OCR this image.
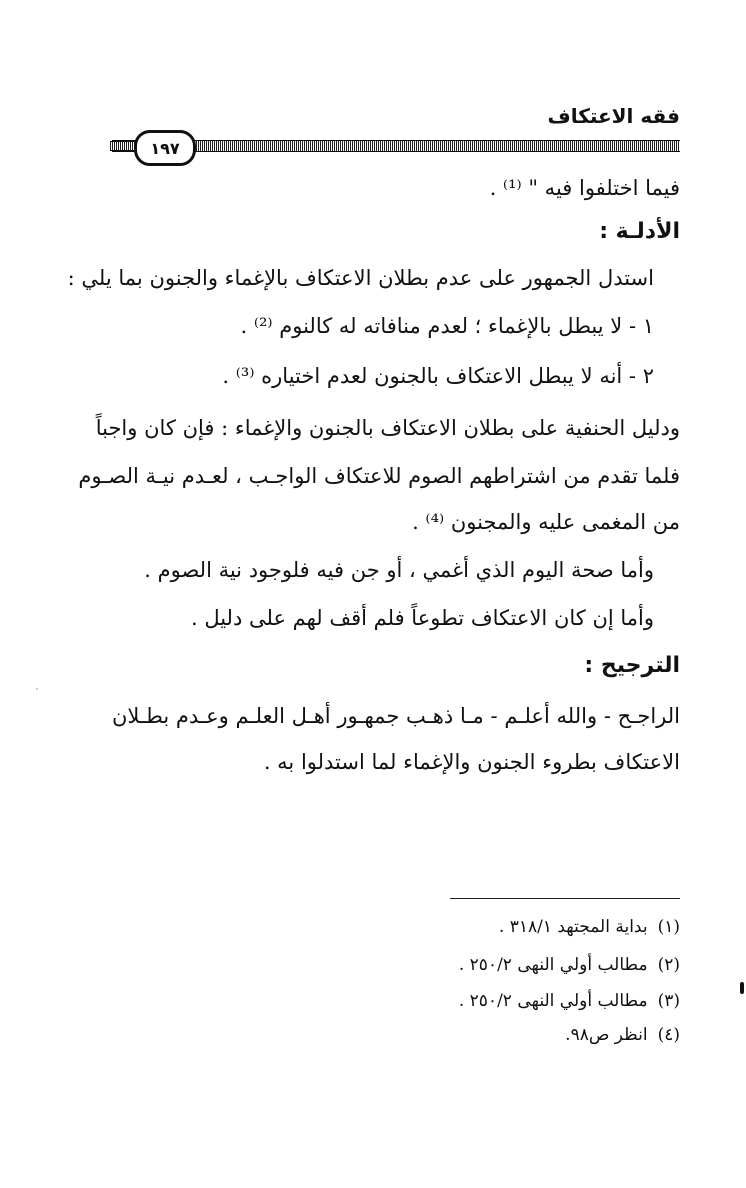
فقه الاعتكاف
١٩٧
فيما اختلفوا فيه " ⁽¹⁾ .
الأدلـة :
استدل الجمهور على عدم بطلان الاعتكاف بالإغماء والجنون بما يلي :
١ - لا يبطل بالإغماء ؛ لعدم منافاته له كالنوم ⁽²⁾ .
٢ - أنه لا يبطل الاعتكاف بالجنون لعدم اختياره ⁽³⁾ .
ودليل الحنفية على بطلان الاعتكاف بالجنون والإغماء : فإن كان واجباً
فلما تقدم من اشتراطهم الصوم للاعتكاف الواجـب ، لعـدم نيـة الصـوم
من المغمى عليه والمجنون ⁽⁴⁾ .
وأما صحة اليوم الذي أغمي ، أو جن فيه فلوجود نية الصوم .
وأما إن كان الاعتكاف تطوعاً فلم أقف لهم على دليل .
الترجيح :
الراجـح - والله أعلـم - مـا ذهـب جمهـور أهـل العلـم وعـدم بطـلان
الاعتكاف بطروء الجنون والإغماء لما استدلوا به .
(١)بداية المجتهد ٣١٨/١ .
(٢)مطالب أولي النهى ٢٥٠/٢ .
(٣)مطالب أولي النهى ٢٥٠/٢ .
(٤)انظر ص٩٨.
